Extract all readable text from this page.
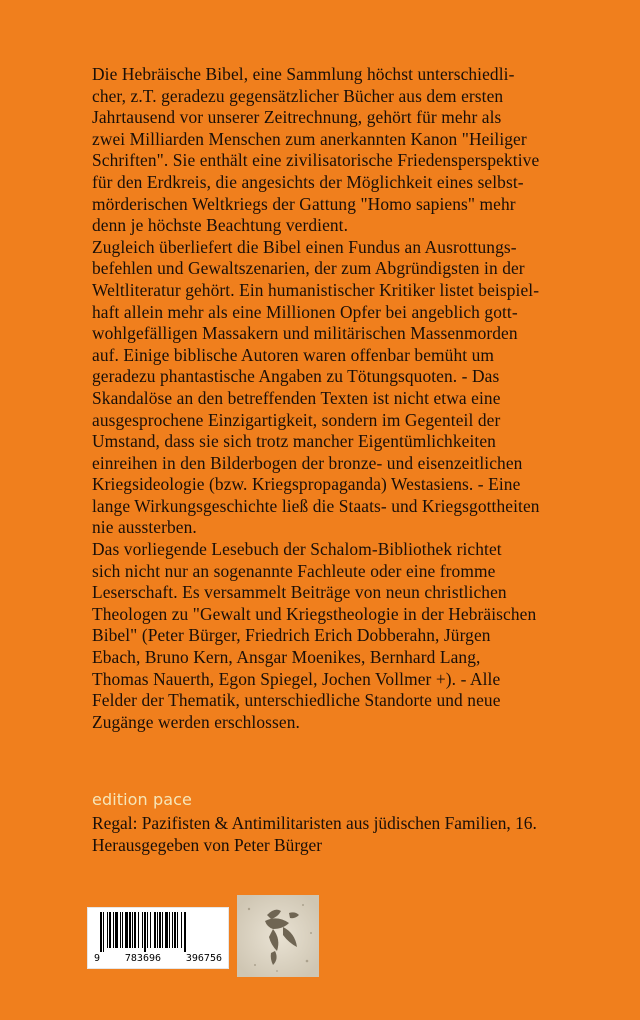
Die Hebräische Bibel, eine Sammlung höchst unterschiedli-
cher, z.T. geradezu gegensätzlicher Bücher aus dem ersten
Jahrtausend vor unserer Zeitrechnung, gehört für mehr als
zwei Milliarden Menschen zum anerkannten Kanon "Heiliger
Schriften". Sie enthält eine zivilisatorische Friedensperspektive
für den Erdkreis, die angesichts der Möglichkeit eines selbst-
mörderischen Weltkriegs der Gattung "Homo sapiens" mehr
denn je höchste Beachtung verdient.

Zugleich überliefert die Bibel einen Fundus an Ausrottungs-
befehlen und Gewaltszenarien, der zum Abgründigsten in der
Weltliteratur gehört. Ein humanistischer Kritiker listet beispiel-
haft allein mehr als eine Millionen Opfer bei angeblich gott-
wohlgefälligen Massakern und militärischen Massenmorden
auf. Einige biblische Autoren waren offenbar bemüht um
geradezu phantastische Angaben zu Tötungsquoten. - Das
Skandalöse an den betreffenden Texten ist nicht etwa eine
ausgesprochene Einzigartigkeit, sondern im Gegenteil der
Umstand, dass sie sich trotz mancher Eigentümlichkeiten
einreihen in den Bilderbogen der bronze- und eisenzeitlichen
Kriegsideologie (bzw. Kriegspropaganda) Westasiens. - Eine
lange Wirkungsgeschichte ließ die Staats- und Kriegsgottheiten
nie aussterben.

Das vorliegende Lesebuch der Schalom-Bibliothek richtet
sich nicht nur an sogenannte Fachleute oder eine fromme
Leserschaft. Es versammelt Beiträge von neun christlichen
Theologen zu "Gewalt und Kriegstheologie in der Hebräischen
Bibel" (Peter Bürger, Friedrich Erich Dobberahn, Jürgen
Ebach, Bruno Kern, Ansgar Moenikes, Bernhard Lang,
Thomas Nauerth, Egon Spiegel, Jochen Vollmer +). - Alle
Felder der Thematik, unterschiedliche Standorte und neue
Zugänge werden erschlossen.

edition pace
Regal: Pazifisten & Antimilitaristen aus jüdischen Familien, 16.
Herausgegeben von Peter Bürger
9 783696 396756
